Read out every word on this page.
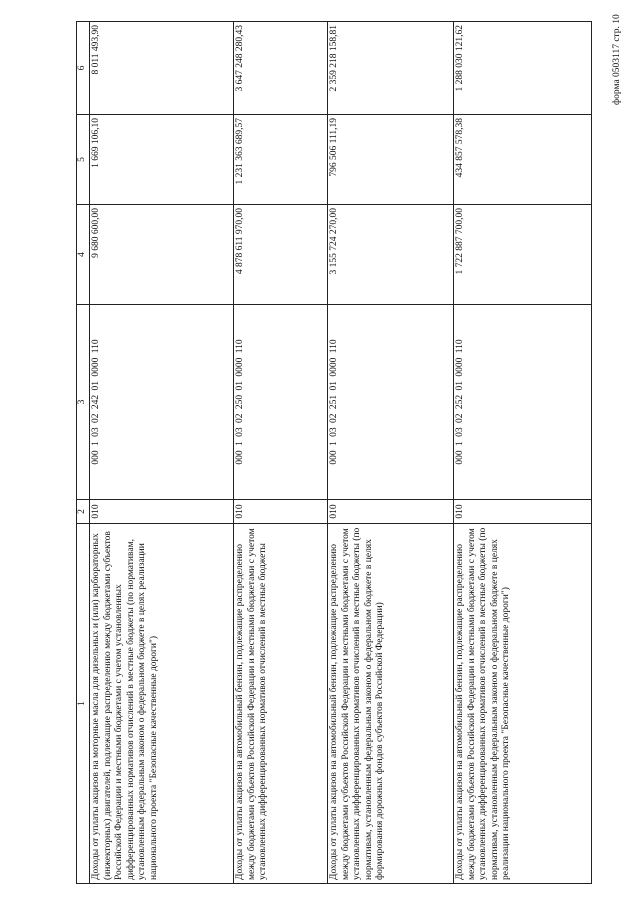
форма 0503117 стр. 10
1	2	3	4	5	6
Доходы от уплаты акцизов на моторные масла для дизельных и (или) карбюраторных (инжекторных) двигателей, подлежащие распределению между бюджетами субъектов Российской Федерации и местными бюджетами с учетом установленных дифференцированных нормативов отчислений в местные бюджеты (по нормативам, установленным федеральным законом о федеральном бюджете в целях реализации национального проекта "Безопасные качественные дороги")	010	000 1 03 02 242 01 0000 110	9 680 600,00	1 669 106,10	8 011 493,90
Доходы от уплаты акцизов на автомобильный бензин, подлежащие распределению между бюджетами субъектов Российской Федерации и местными бюджетами с учетом установленных дифференцированных нормативов отчислений в местные бюджеты	010	000 1 03 02 250 01 0000 110	4 878 611 970,00	1 231 363 689,57	3 647 248 280,43
Доходы от уплаты акцизов на автомобильный бензин, подлежащие распределению между бюджетами субъектов Российской Федерации и местными бюджетами с учетом установленных дифференцированных нормативов отчислений в местные бюджеты (по нормативам, установленным федеральным законом о федеральном бюджете в целях формирования дорожных фондов субъектов Российской Федерации)	010	000 1 03 02 251 01 0000 110	3 155 724 270,00	796 506 111,19	2 359 218 158,81
Доходы от уплаты акцизов на автомобильный бензин, подлежащие распределению между бюджетами субъектов Российской Федерации и местными бюджетами с учетом установленных дифференцированных нормативов отчислений в местные бюджеты (по нормативам, установленным федеральным законом о федеральном бюджете в целях реализации национального проекта "Безопасные качественные дороги")	010	000 1 03 02 252 01 0000 110	1 722 887 700,00	434 857 578,38	1 288 030 121,62
